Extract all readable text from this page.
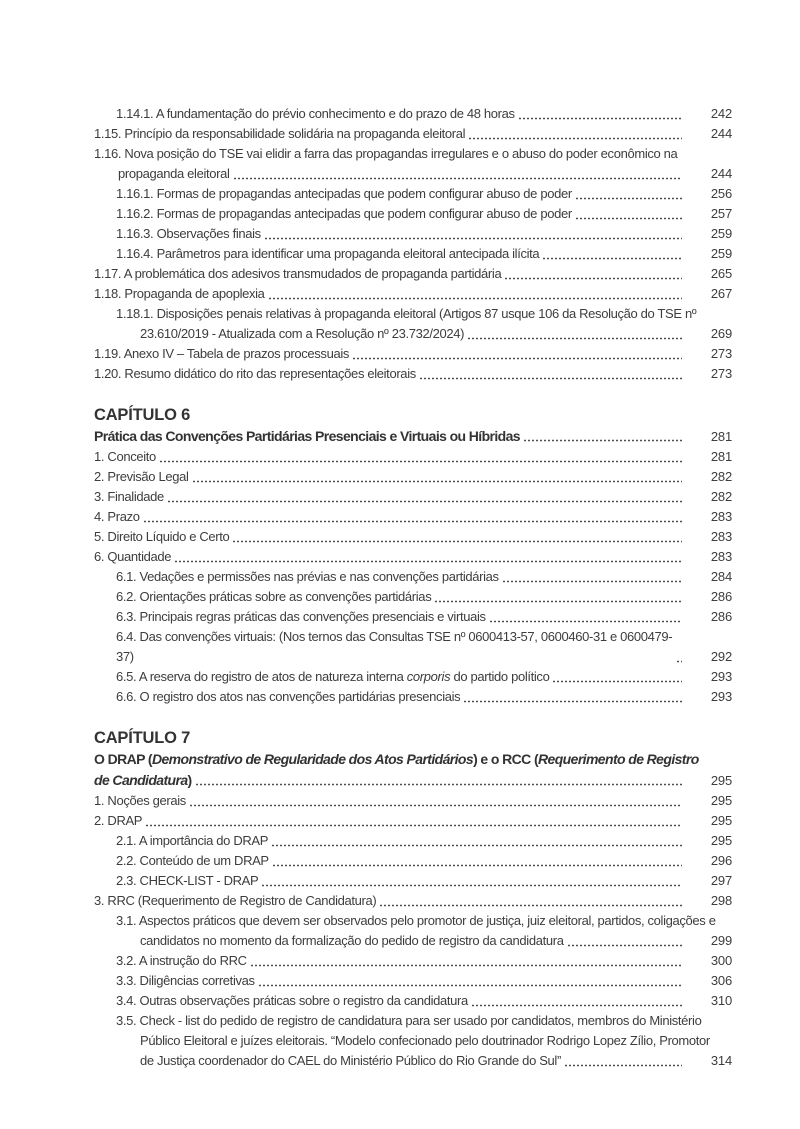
1.14.1. A fundamentação do prévio conhecimento e do prazo de 48 horas	242
1.15. Princípio da responsabilidade solidária na propaganda eleitoral	244
1.16. Nova posição do TSE vai elidir a farra das propagandas irregulares e o abuso do poder econômico na
propaganda eleitoral	244
1.16.1. Formas de propagandas antecipadas que podem configurar abuso de poder	256
1.16.2. Formas de propagandas antecipadas que podem configurar abuso de poder	257
1.16.3. Observações finais	259
1.16.4. Parâmetros para identificar uma propaganda eleitoral antecipada ilícita	259
1.17. A problemática dos adesivos transmudados de propaganda partidária	265
1.18. Propaganda de apoplexia	267
1.18.1. Disposições penais relativas à propaganda eleitoral (Artigos 87 usque 106 da Resolução do TSE nº
23.610/2019 - Atualizada com a Resolução nº 23.732/2024)	269
1.19. Anexo IV – Tabela de prazos processuais	273
1.20. Resumo didático do rito das representações eleitorais	273
CAPÍTULO 6
Prática das Convenções Partidárias Presenciais e Virtuais ou Híbridas	281
1. Conceito	281
2. Previsão Legal	282
3. Finalidade	282
4. Prazo	283
5. Direito Líquido e Certo	283
6. Quantidade	283
6.1. Vedações e permissões nas prévias e nas convenções partidárias	284
6.2. Orientações práticas sobre as convenções partidárias	286
6.3. Principais regras práticas das convenções presenciais e virtuais	286
6.4. Das convenções virtuais: (Nos ternos das Consultas TSE nº 0600413-57, 0600460-31 e 0600479-37)	292
6.5. A reserva do registro de atos de natureza interna corporis do partido político	293
6.6. O registro dos atos nas convenções partidárias presenciais	293
CAPÍTULO 7
O DRAP (Demonstrativo de Regularidade dos Atos Partidários) e o RCC (Requerimento de Registro
de Candidatura)	295
1. Noções gerais	295
2. DRAP	295
2.1. A importância do DRAP	295
2.2. Conteúdo de um DRAP	296
2.3. CHECK-LIST - DRAP	297
3. RRC (Requerimento de Registro de Candidatura)	298
3.1. Aspectos práticos que devem ser observados pelo promotor de justiça, juiz eleitoral, partidos, coligações e
candidatos no momento da formalização do pedido de registro da candidatura	299
3.2. A instrução do RRC	300
3.3. Diligências corretivas	306
3.4. Outras observações práticas sobre o registro da candidatura	310
3.5. Check - list do pedido de registro de candidatura para ser usado por candidatos, membros do Ministério
Público Eleitoral e juízes eleitorais. “Modelo confecionado pelo doutrinador Rodrigo Lopez Zílio, Promotor
de Justiça coordenador do CAEL do Ministério Público do Rio Grande do Sul”	314
